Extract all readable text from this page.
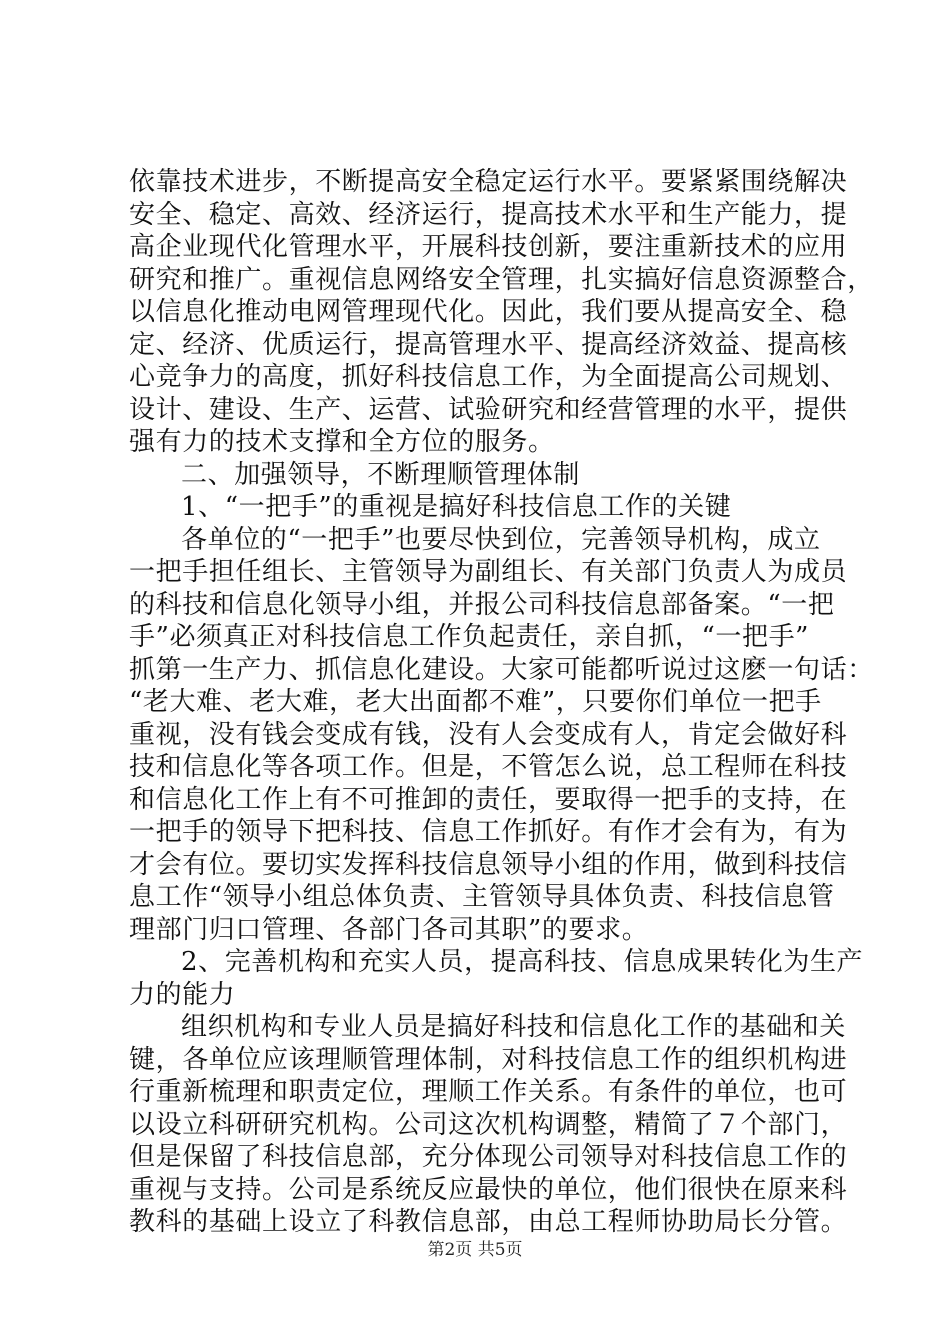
依靠技术进步，不断提高安全稳定运行水平。要紧紧围绕解决
安全、稳定、高效、经济运行，提高技术水平和生产能力，提
高企业现代化管理水平，开展科技创新，要注重新技术的应用
研究和推广。重视信息网络安全管理，扎实搞好信息资源整合，
以信息化推动电网管理现代化。因此，我们要从提高安全、稳
定、经济、优质运行，提高管理水平、提高经济效益、提高核
心竞争力的高度，抓好科技信息工作，为全面提高公司规划、
设计、建设、生产、运营、试验研究和经营管理的水平，提供
强有力的技术支撑和全方位的服务。
二、加强领导，不断理顺管理体制
1、“一把手”的重视是搞好科技信息工作的关键
各单位的“一把手”也要尽快到位，完善领导机构，成立
一把手担任组长、主管领导为副组长、有关部门负责人为成员
的科技和信息化领导小组，并报公司科技信息部备案。“一把
手”必须真正对科技信息工作负起责任，亲自抓，“一把手”
抓第一生产力、抓信息化建设。大家可能都听说过这麽一句话：
“老大难、老大难，老大出面都不难”，只要你们单位一把手
重视，没有钱会变成有钱，没有人会变成有人，肯定会做好科
技和信息化等各项工作。但是，不管怎么说，总工程师在科技
和信息化工作上有不可推卸的责任，要取得一把手的支持，在
一把手的领导下把科技、信息工作抓好。有作才会有为，有为
才会有位。要切实发挥科技信息领导小组的作用，做到科技信
息工作“领导小组总体负责、主管领导具体负责、科技信息管
理部门归口管理、各部门各司其职”的要求。
2、完善机构和充实人员，提高科技、信息成果转化为生产
力的能力
组织机构和专业人员是搞好科技和信息化工作的基础和关
键，各单位应该理顺管理体制，对科技信息工作的组织机构进
行重新梳理和职责定位，理顺工作关系。有条件的单位，也可
以设立科研研究机构。公司这次机构调整，精简了７个部门，
但是保留了科技信息部，充分体现公司领导对科技信息工作的
重视与支持。公司是系统反应最快的单位，他们很快在原来科
教科的基础上设立了科教信息部，由总工程师协助局长分管。
第2页 共5页
